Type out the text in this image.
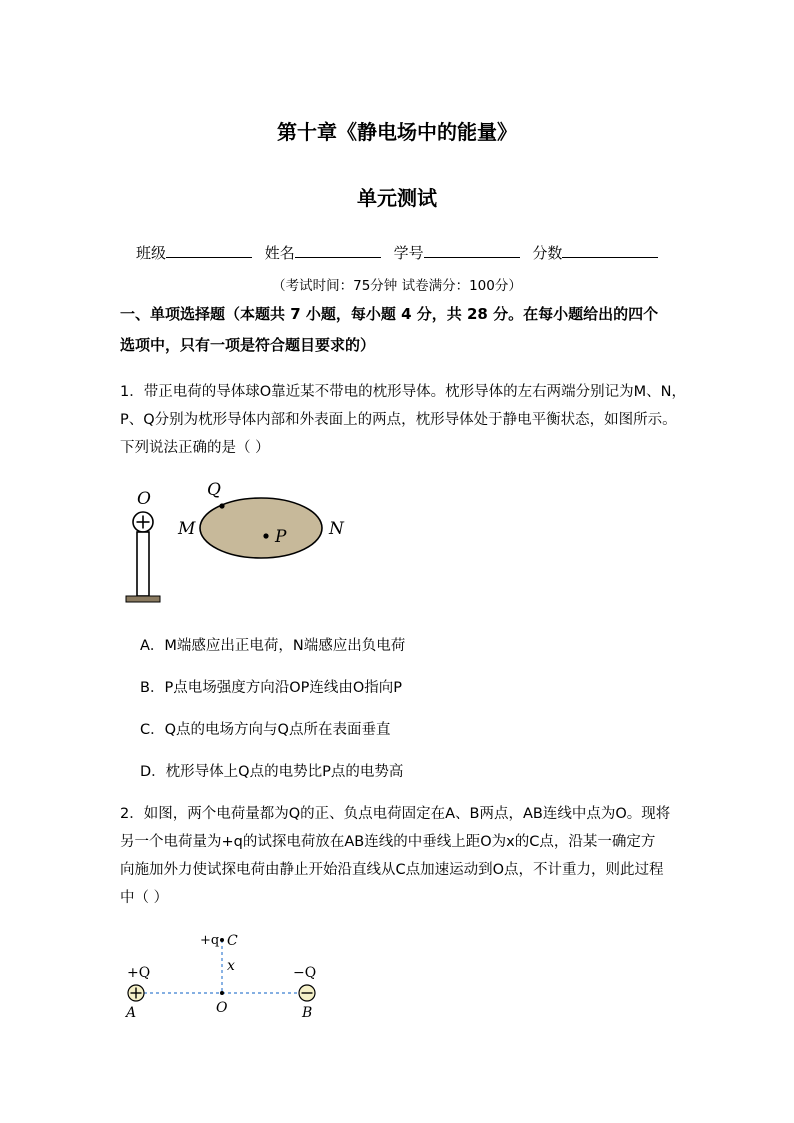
第十章《静电场中的能量》
单元测试
班级	姓名	学号	分数
（考试时间：75分钟 试卷满分：100分）
一、单项选择题（本题共 7 小题，每小题 4 分，共 28 分。在每小题给出的四个
选项中，只有一项是符合题目要求的）
1．带正电荷的导体球O靠近某不带电的枕形导体。枕形导体的左右两端分别记为M、N，
P、Q分别为枕形导体内部和外表面上的两点，枕形导体处于静电平衡状态，如图所示。
下列说法正确的是（ ）
O	Q
P
M	N
A．M端感应出正电荷，N端感应出负电荷
B．P点电场强度方向沿OP连线由O指向P
C．Q点的电场方向与Q点所在表面垂直
D．枕形导体上Q点的电势比P点的电势高
2．如图，两个电荷量都为Q的正、负点电荷固定在A、B两点，AB连线中点为O。现将
另一个电荷量为+q的试探电荷放在AB连线的中垂线上距O为x的C点，沿某一确定方
向施加外力使试探电荷由静止开始沿直线从C点加速运动到O点，不计重力，则此过程
中（ ）
+q C
x
+Q
A	O
−Q
B
